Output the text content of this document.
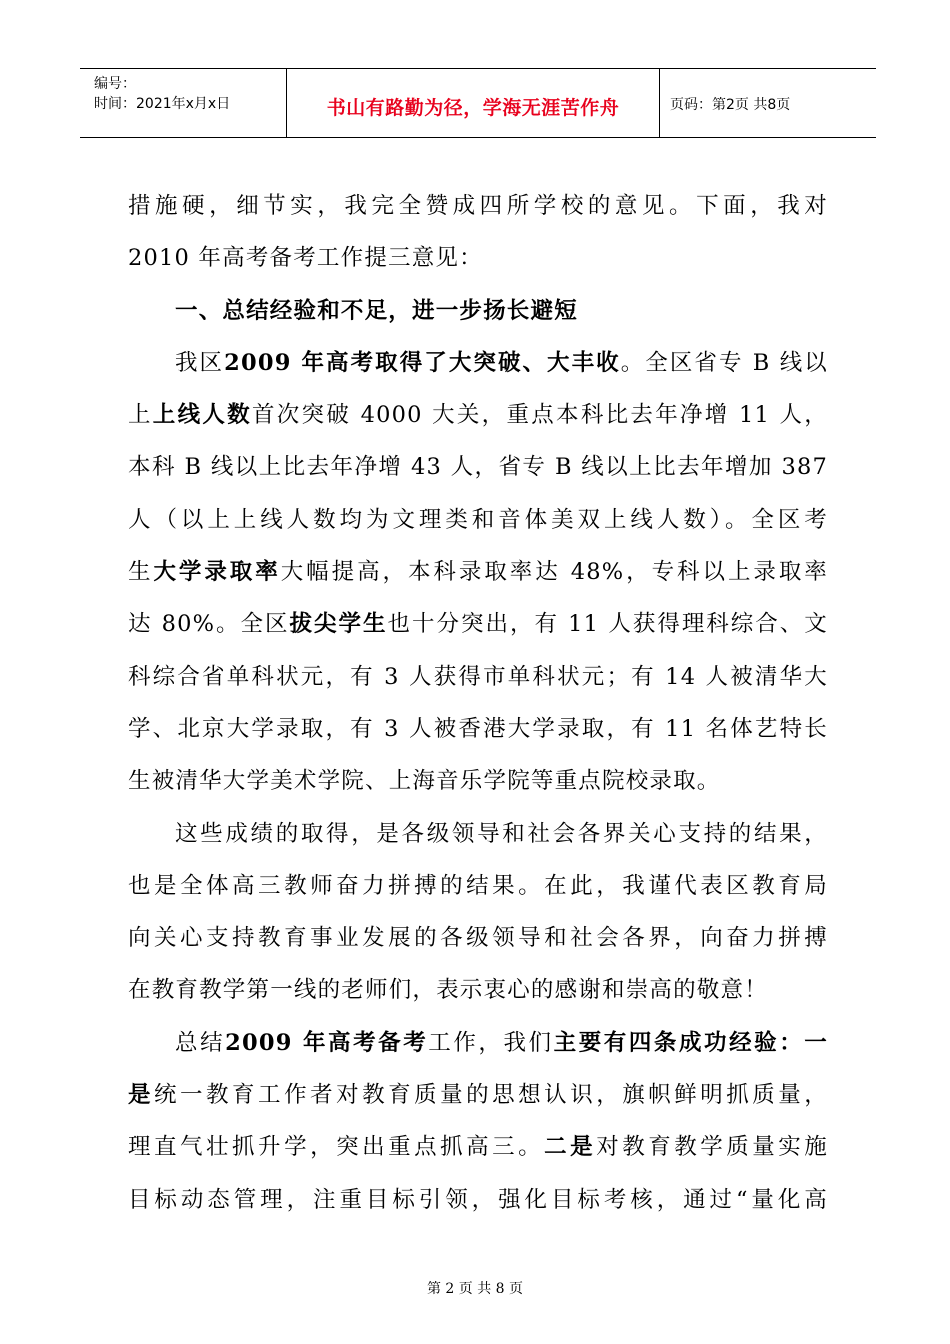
编号：
时间：2021年x月x日	书山有路勤为径，学海无涯苦作舟	页码：第2页 共8页
措施硬，细节实，我完全赞成四所学校的意见。下面，我对
2010 年高考备考工作提三意见：
一、总结经验和不足，进一步扬长避短
我区2009 年高考取得了大突破、大丰收。全区省专 B 线以
上上线人数首次突破 4000 大关，重点本科比去年净增 11 人，
本科 B 线以上比去年净增 43 人，省专 B 线以上比去年增加 387
人（以上上线人数均为文理类和音体美双上线人数）。全区考
生大学录取率大幅提高，本科录取率达 48%，专科以上录取率
达 80%。全区拔尖学生也十分突出，有 11 人获得理科综合、文
科综合省单科状元，有 3 人获得市单科状元；有 14 人被清华大
学、北京大学录取，有 3 人被香港大学录取，有 11 名体艺特长
生被清华大学美术学院、上海音乐学院等重点院校录取。
这些成绩的取得，是各级领导和社会各界关心支持的结果，
也是全体高三教师奋力拼搏的结果。在此，我谨代表区教育局
向关心支持教育事业发展的各级领导和社会各界，向奋力拼搏
在教育教学第一线的老师们，表示衷心的感谢和崇高的敬意！
总结2009 年高考备考工作，我们主要有四条成功经验：一
是统一教育工作者对教育质量的思想认识，旗帜鲜明抓质量，
理直气壮抓升学，突出重点抓高三。二是对教育教学质量实施
目标动态管理，注重目标引领，强化目标考核，通过“量化高
第 2 页 共 8 页
